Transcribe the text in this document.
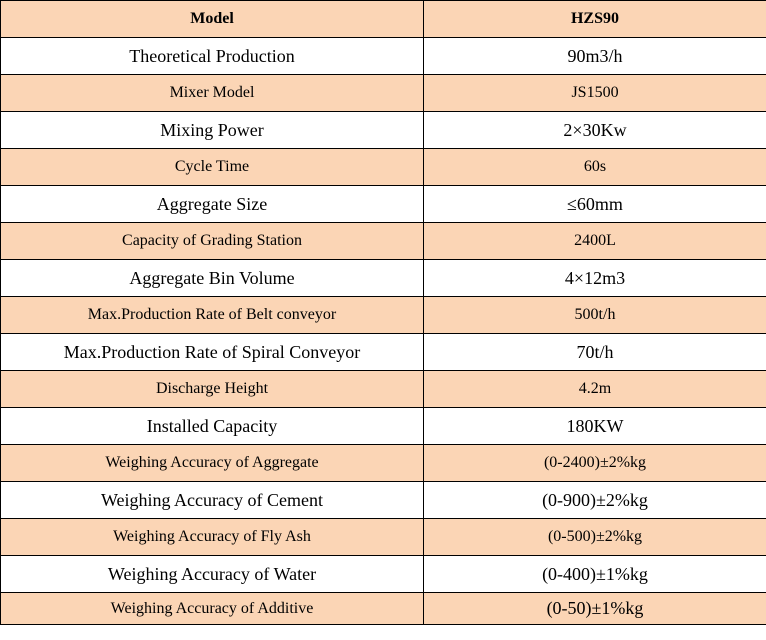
Model	HZS90
Theoretical Production	90m3/h
Mixer Model	JS1500
Mixing Power	2×30Kw
Cycle Time	60s
Aggregate Size	≤60mm
Capacity of Grading Station	2400L
Aggregate Bin Volume	4×12m3
Max.Production Rate of Belt conveyor	500t/h
Max.Production Rate of Spiral Conveyor	70t/h
Discharge Height	4.2m
Installed Capacity	180KW
Weighing Accuracy of Aggregate	(0-2400)±2%kg
Weighing Accuracy of Cement	(0-900)±2%kg
Weighing Accuracy of Fly Ash	(0-500)±2%kg
Weighing Accuracy of Water	(0-400)±1%kg
Weighing Accuracy of Additive	(0-50)±1%kg
